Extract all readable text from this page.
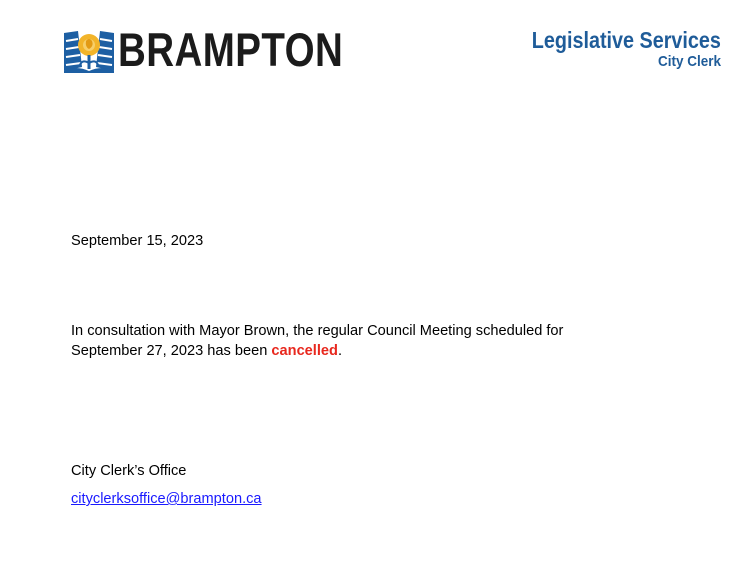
BRAMPTON	Legislative Services
City Clerk
September 15, 2023
In consultation with Mayor Brown, the regular Council Meeting scheduled for September 27, 2023 has been cancelled.
City Clerk’s Office
cityclerksoffice@brampton.ca
